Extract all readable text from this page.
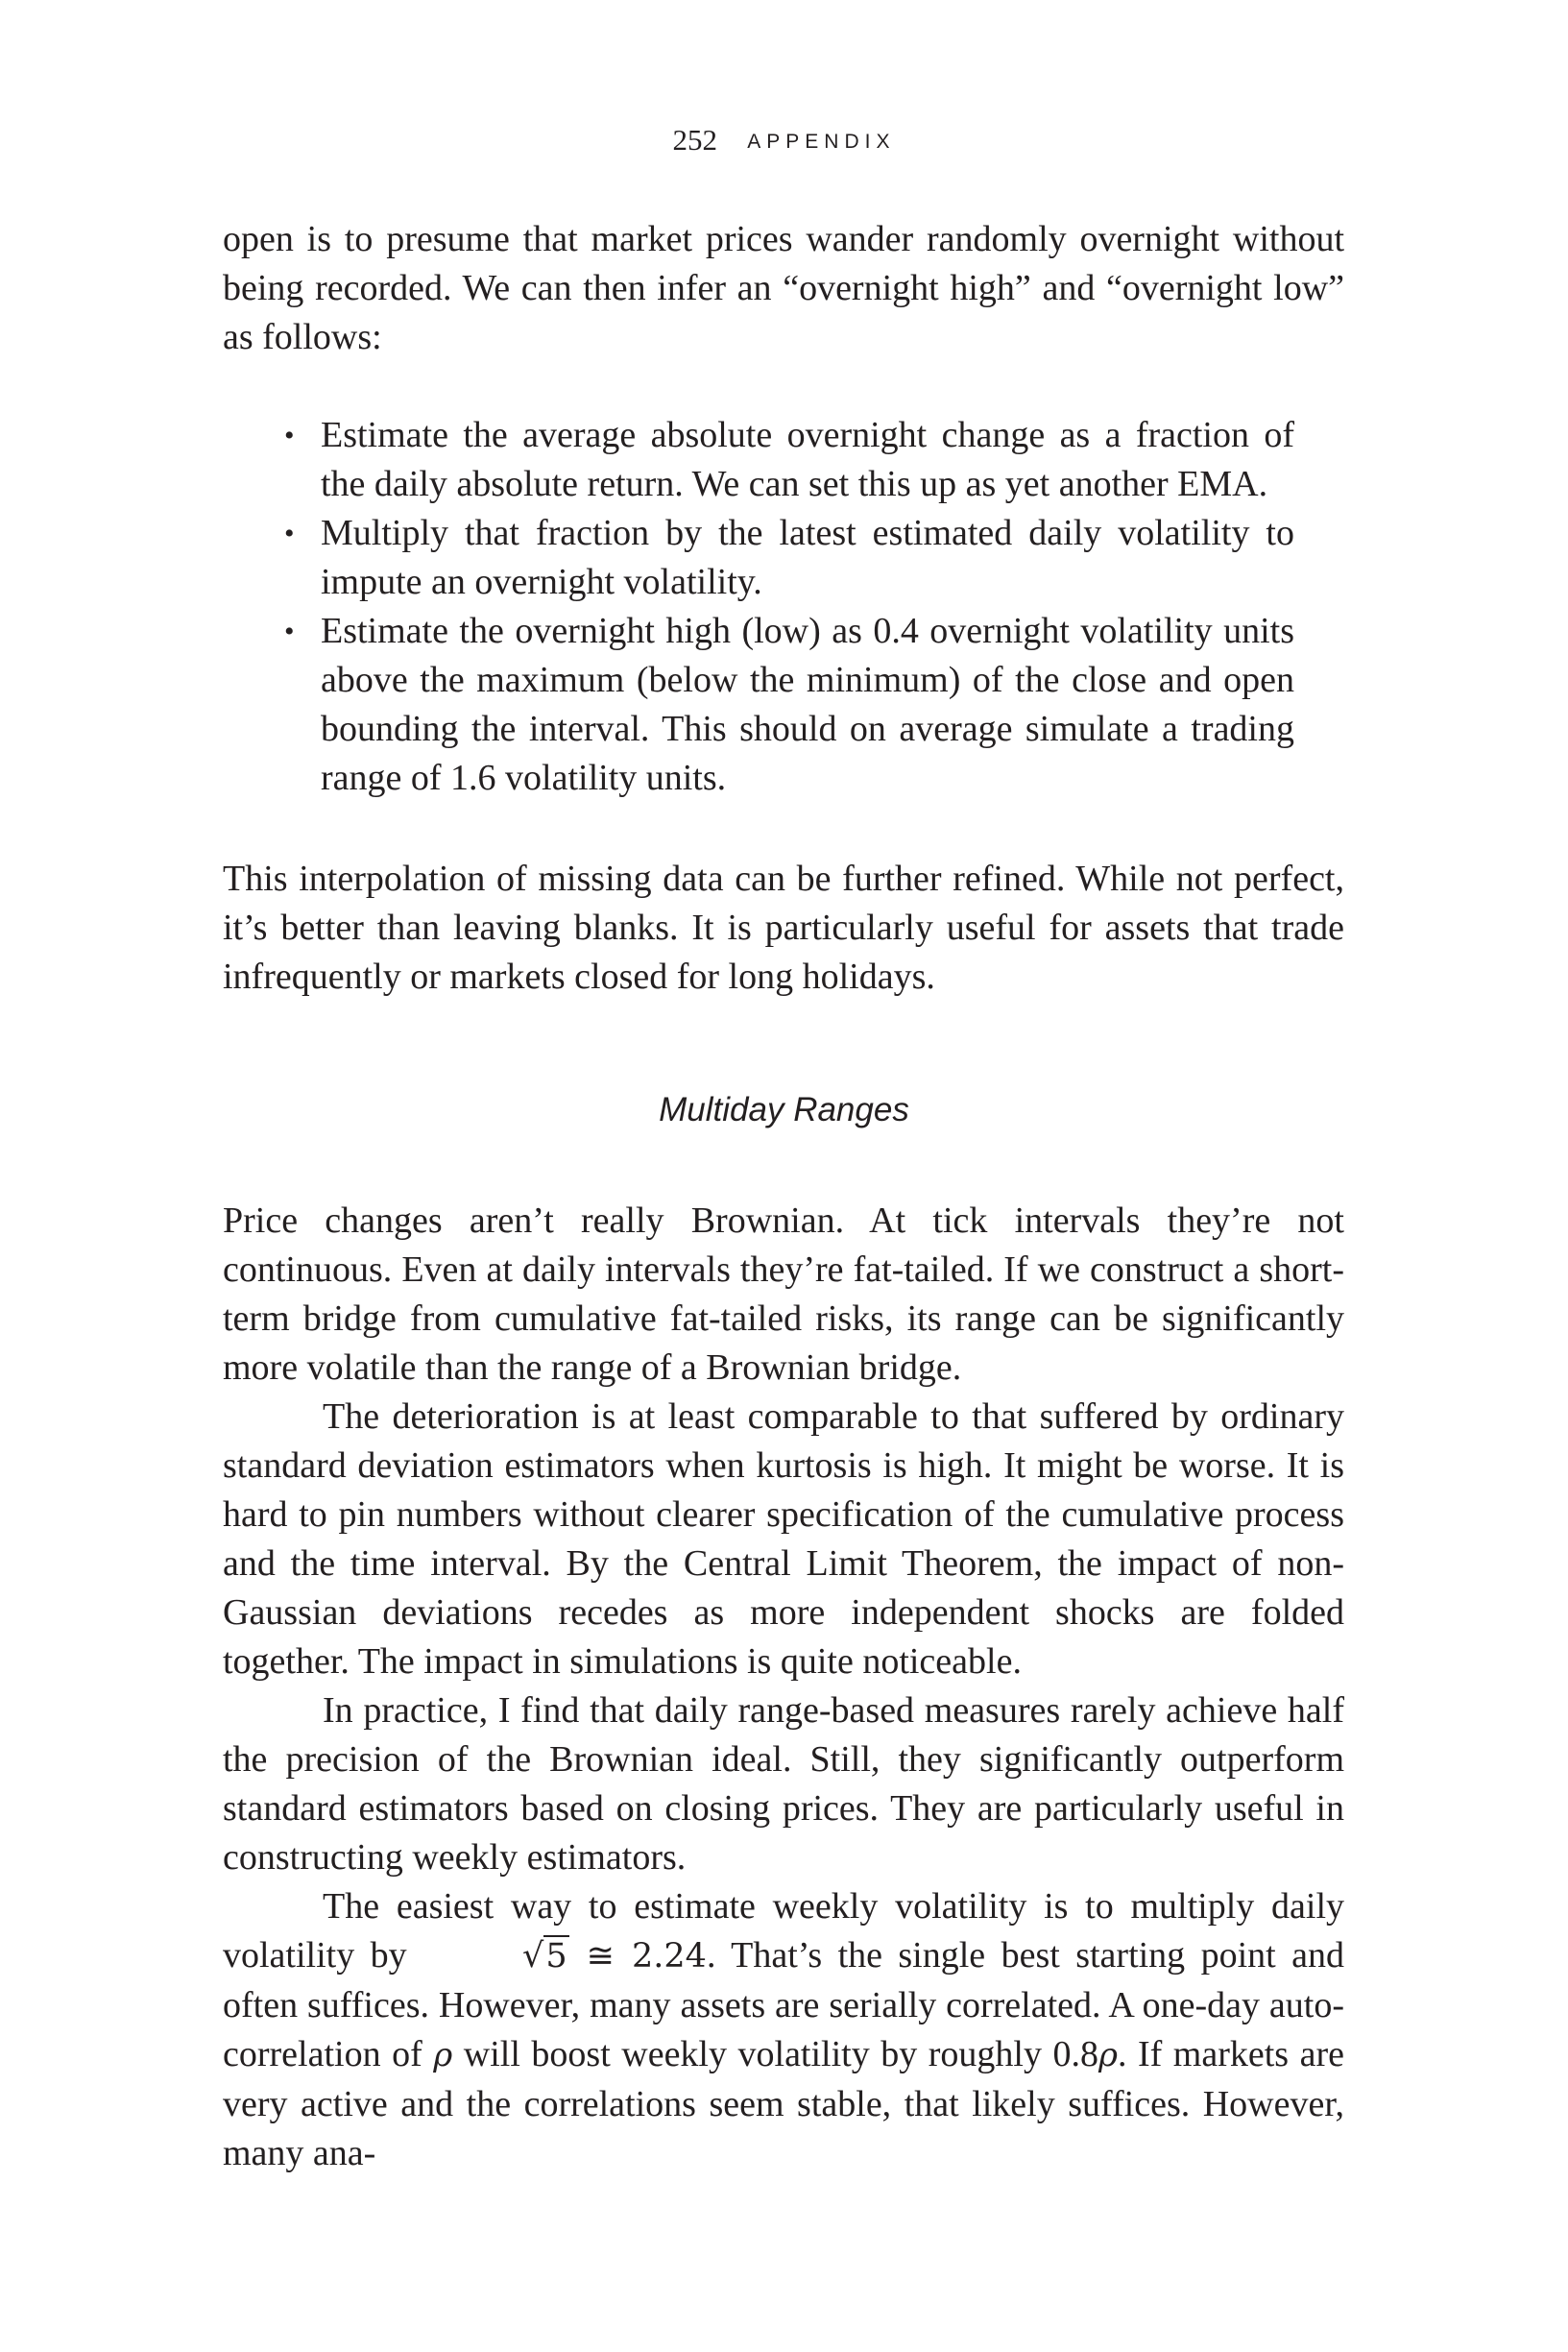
252 APPENDIX

open is to presume that market prices wander randomly overnight without being recorded. We can then infer an “overnight high” and “overnight low” as follows:

• Estimate the average absolute overnight change as a fraction of the daily absolute return. We can set this up as yet another EMA.
• Multiply that fraction by the latest estimated daily volatility to impute an overnight volatility.
• Estimate the overnight high (low) as 0.4 overnight volatility units above the maximum (below the minimum) of the close and open bounding the interval. This should on average simulate a trading range of 1.6 volatility units.

This interpolation of missing data can be further refined. While not perfect, it’s better than leaving blanks. It is particularly useful for assets that trade infrequently or markets closed for long holidays.

Multiday Ranges

Price changes aren’t really Brownian. At tick intervals they’re not continuous. Even at daily intervals they’re fat-tailed. If we construct a short-term bridge from cumulative fat-tailed risks, its range can be significantly more volatile than the range of a Brownian bridge.

The deterioration is at least comparable to that suffered by ordinary standard deviation estimators when kurtosis is high. It might be worse. It is hard to pin numbers without clearer specification of the cumulative process and the time interval. By the Central Limit Theorem, the impact of non-Gaussian deviations recedes as more independent shocks are folded together. The impact in simulations is quite noticeable.

In practice, I find that daily range-based measures rarely achieve half the precision of the Brownian ideal. Still, they significantly outperform standard estimators based on closing prices. They are particularly useful in constructing weekly estimators.

The easiest way to estimate weekly volatility is to multiply daily volatility by	√5 ≅ 2.24. That’s the single best starting point and often suffices. However, many assets are serially correlated. A one-day auto-correlation of ρ will boost weekly volatility by roughly 0.8ρ. If markets are very active and the correlations seem stable, that likely suffices. However, many ana-
